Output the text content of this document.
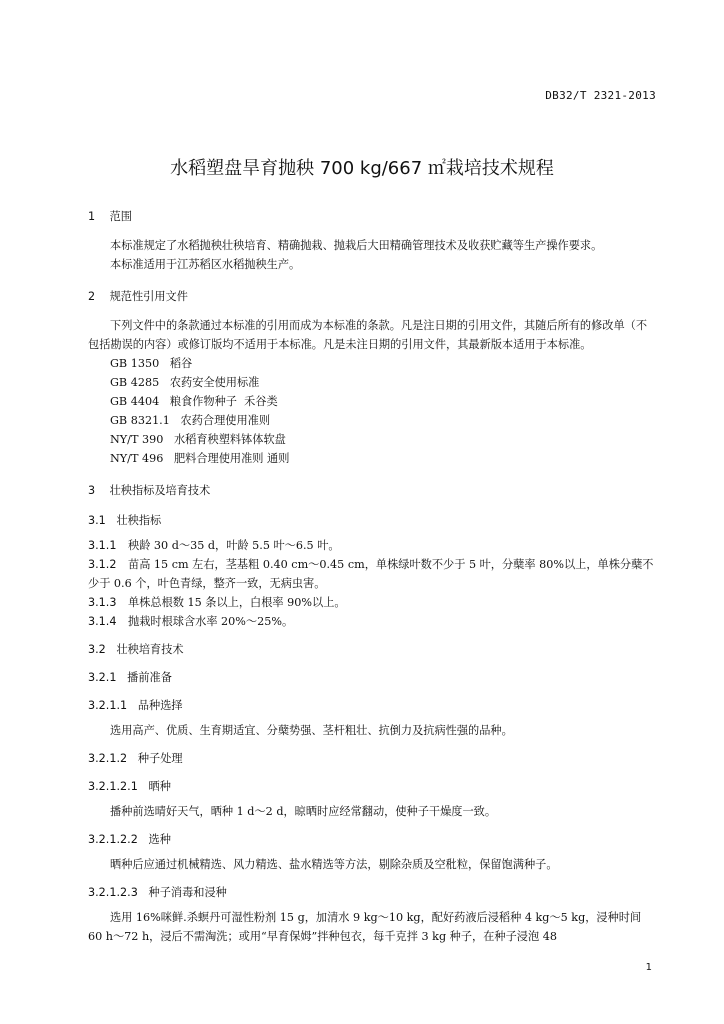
DB32/T 2321-2013
水稻塑盘旱育抛秧 700 kg/667 ㎡栽培技术规程
1 范围

本标准规定了水稻抛秧壮秧培育、精确抛栽、抛栽后大田精确管理技术及收获贮藏等生产操作要求。

本标准适用于江苏稻区水稻抛秧生产。

2 规范性引用文件

下列文件中的条款通过本标准的引用而成为本标准的条款。凡是注日期的引用文件，其随后所有的修改单（不包括勘误的内容）或修订版均不适用于本标准。凡是未注日期的引用文件，其最新版本适用于本标准。

GB 1350   稻谷

GB 4285   农药安全使用标准

GB 4404   粮食作物种子  禾谷类

GB 8321.1   农药合理使用准则

NY/T 390   水稻育秧塑料钵体软盘

NY/T 496   肥料合理使用准则 通则

3 壮秧指标及培育技术
3.1 壮秧指标

3.1.1 秧龄 30 d～35 d，叶龄 5.5 叶～6.5 叶。

3.1.2 苗高 15 cm 左右，茎基粗 0.40 cm～0.45 cm，单株绿叶数不少于 5 叶，分蘖率 80%以上，单株分蘖不少于 0.6 个，叶色青绿，整齐一致，无病虫害。

3.1.3 单株总根数 15 条以上，白根率 90%以上。

3.1.4 抛栽时根球含水率 20%～25%。

3.2 壮秧培育技术
3.2.1 播前准备
3.2.1.1 品种选择

选用高产、优质、生育期适宜、分蘖势强、茎杆粗壮、抗倒力及抗病性强的品种。

3.2.1.2 种子处理
3.2.1.2.1 晒种

播种前选晴好天气，晒种 1 d～2 d，晾晒时应经常翻动，使种子干燥度一致。

3.2.1.2.2 选种

晒种后应通过机械精选、风力精选、盐水精选等方法，剔除杂质及空秕粒，保留饱满种子。

3.2.1.2.3 种子消毒和浸种

选用 16%咪鲜.杀螟丹可湿性粉剂 15 g，加清水 9 kg～10 kg，配好药液后浸稻种 4 kg～5 kg，浸种时间 60 h～72 h，浸后不需淘洗；或用“早育保姆”拌种包衣，每千克拌 3 kg 种子，在种子浸泡 48

1
